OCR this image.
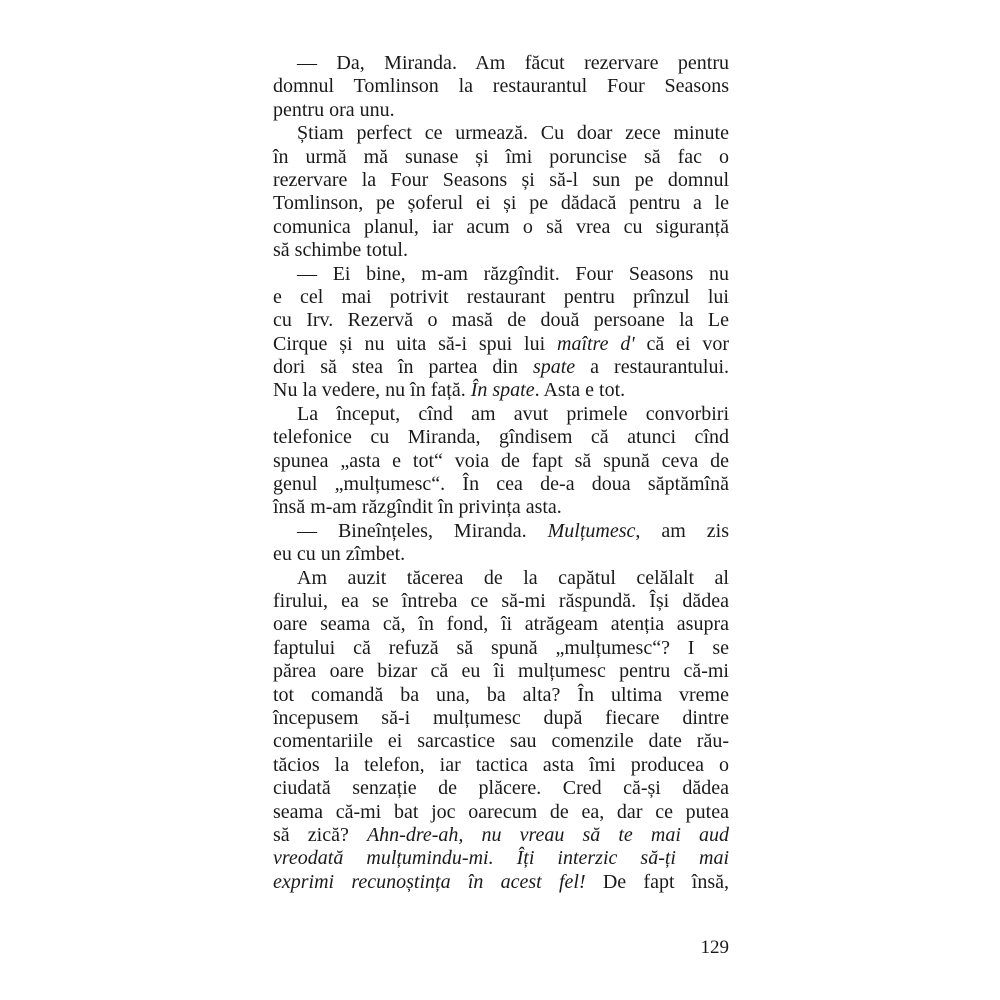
— Da, Miranda. Am făcut rezervare pentru
domnul Tomlinson la restaurantul Four Seasons
pentru ora unu.
Știam perfect ce urmează. Cu doar zece minute
în urmă mă sunase și îmi poruncise să fac o
rezervare la Four Seasons și să-l sun pe domnul
Tomlinson, pe șoferul ei și pe dădacă pentru a le
comunica planul, iar acum o să vrea cu siguranță
să schimbe totul.
— Ei bine, m-am răzgîndit. Four Seasons nu
e cel mai potrivit restaurant pentru prînzul lui
cu Irv. Rezervă o masă de două persoane la Le
Cirque și nu uita să-i spui lui maître d' că ei vor
dori să stea în partea din spate a restaurantului.
Nu la vedere, nu în față. În spate. Asta e tot.
La început, cînd am avut primele convorbiri
telefonice cu Miranda, gîndisem că atunci cînd
spunea „asta e tot“ voia de fapt să spună ceva de
genul „mulțumesc“. În cea de-a doua săptămînă
însă m-am răzgîndit în privința asta.
— Bineînțeles, Miranda. Mulțumesc, am zis
eu cu un zîmbet.
Am auzit tăcerea de la capătul celălalt al
firului, ea se întreba ce să-mi răspundă. Își dădea
oare seama că, în fond, îi atrăgeam atenția asupra
faptului că refuză să spună „mulțumesc“? I se
părea oare bizar că eu îi mulțumesc pentru că-mi
tot comandă ba una, ba alta? În ultima vreme
începusem să-i mulțumesc după fiecare dintre
comentariile ei sarcastice sau comenzile date rău-
tăcios la telefon, iar tactica asta îmi producea o
ciudată senzație de plăcere. Cred că-și dădea
seama că-mi bat joc oarecum de ea, dar ce putea
să zică? Ahn-dre-ah, nu vreau să te mai aud
vreodată mulțumindu-mi. Îți interzic să-ți mai
exprimi recunoștința în acest fel! De fapt însă,
129
